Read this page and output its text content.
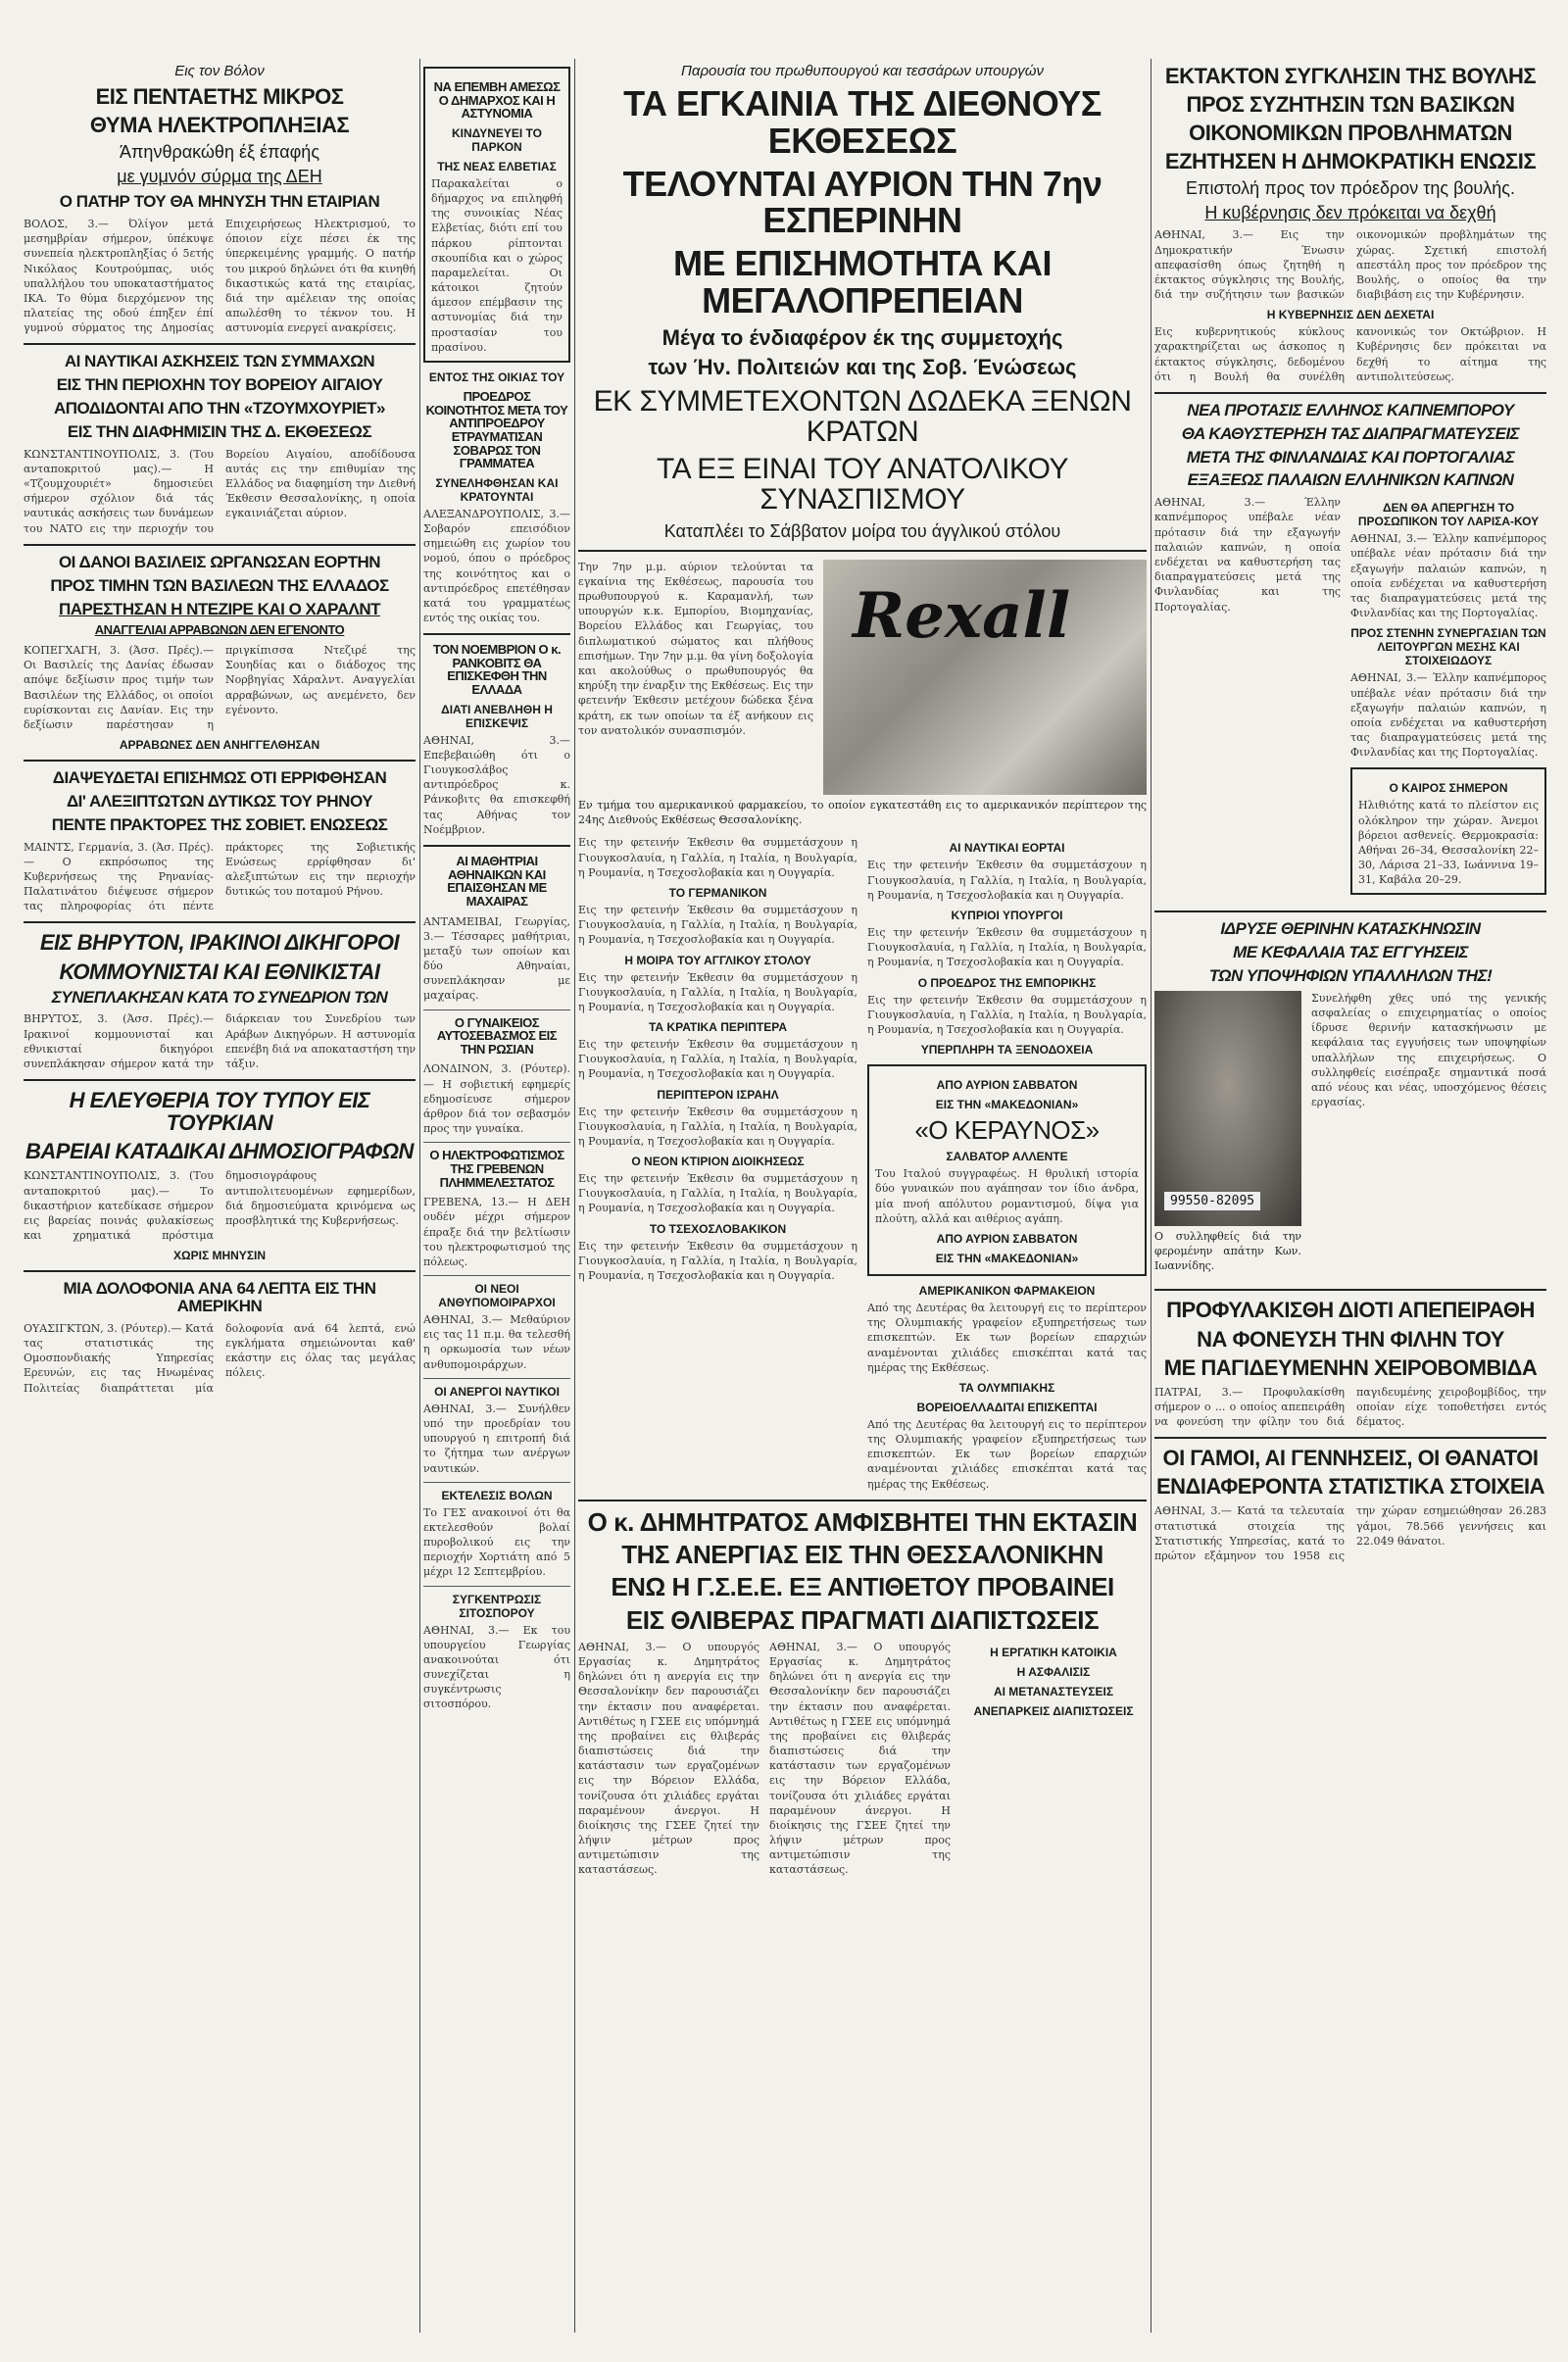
Εις τον Βόλον
ΕΙΣ ΠΕΝΤΑΕΤΗΣ ΜΙΚΡΟΣ
ΘΥΜΑ ΗΛΕΚΤΡΟΠΛΗΞΙΑΣ
Άπηνθρακώθη έξ έπαφής
με γυμνόν σύρμα της ΔΕΗ
Ο ΠΑΤΗΡ ΤΟΥ ΘΑ ΜΗΝΥΣΗ ΤΗΝ ΕΤΑΙΡΙΑΝ
ΒΟΛΟΣ, 3.— Όλίγον μετά μεσημβρίαν σήμερον, ύπέκυψε συνεπεία ηλεκτροπληξίας ό 5ετής Νικόλαος Κουτρούμπας, υιός υπαλλήλου του υποκαταστήματος ΙΚΑ. Το θύμα διερχόμενον της πλατείας της οδού έπηξεν έπί γυμνού σύρματος της Δημοσίας Επιχειρήσεως Ηλεκτρισμού, το όποιον είχε πέσει έκ της ύπερκειμένης γραμμής. Ο πατήρ του μικρού δηλώνει ότι θα κινηθή δικαστικώς κατά της εταιρίας, διά την αμέλειαν της οποίας απωλέσθη το τέκνον του. Η αστυνομία ενεργεί ανακρίσεις.
ΑΙ ΝΑΥΤΙΚΑΙ ΑΣΚΗΣΕΙΣ ΤΩΝ ΣΥΜΜΑΧΩΝ
ΕΙΣ ΤΗΝ ΠΕΡΙΟΧΗΝ ΤΟΥ ΒΟΡΕΙΟΥ ΑΙΓΑΙΟΥ
ΑΠΟΔΙΔΟΝΤΑΙ ΑΠΟ ΤΗΝ «ΤΖΟΥΜΧΟΥΡΙΕΤ»
ΕΙΣ ΤΗΝ ΔΙΑΦΗΜΙΣΙΝ ΤΗΣ Δ. ΕΚΘΕΣΕΩΣ
ΚΩΝΣΤΑΝΤΙΝΟΥΠΟΛΙΣ, 3. (Του ανταποκριτού μας).— Η «Τζουμχουριέτ» δημοσιεύει σήμερον σχόλιον διά τάς ναυτικάς ασκήσεις των δυνάμεων του ΝΑΤΟ εις την περιοχήν του Βορείου Αιγαίου, αποδίδουσα αυτάς εις την επιθυμίαν της Ελλάδος να διαφημίση την Διεθνή Έκθεσιν Θεσσαλονίκης, η οποία εγκαινιάζεται αύριον.
ΟΙ ΔΑΝΟΙ ΒΑΣΙΛΕΙΣ ΩΡΓΑΝΩΣΑΝ ΕΟΡΤΗΝ
ΠΡΟΣ ΤΙΜΗΝ ΤΩΝ ΒΑΣΙΛΕΩΝ ΤΗΣ ΕΛΛΑΔΟΣ
ΠΑΡΕΣΤΗΣΑΝ Η ΝΤΕΖΙΡΕ ΚΑΙ Ο ΧΑΡΑΛΝΤ
ΑΝΑΓΓΕΛΙΑΙ ΑΡΡΑΒΩΝΩΝ ΔΕΝ ΕΓΕΝΟΝΤΟ
ΚΟΠΕΓΧΑΓΗ, 3. (Άσσ. Πρές).— Οι Βασιλείς της Δανίας έδωσαν απόψε δεξίωσιν προς τιμήν των Βασιλέων της Ελλάδος, οι οποίοι ευρίσκονται εις Δανίαν. Εις την δεξίωσιν παρέστησαν η πριγκίπισσα Ντεζιρέ της Σουηδίας και ο διάδοχος της Νορβηγίας Χάραλντ. Αναγγελίαι αρραβώνων, ως ανεμένετο, δεν εγένοντο.
ΑΡΡΑΒΩΝΕΣ ΔΕΝ ΑΝΗΓΓΕΛΘΗΣΑΝ
ΔΙΑΨΕΥΔΕΤΑΙ ΕΠΙΣΗΜΩΣ ΟΤΙ ΕΡΡΙΦΘΗΣΑΝ
ΔΙ' ΑΛΕΞΙΠΤΩΤΩΝ ΔΥΤΙΚΩΣ ΤΟΥ ΡΗΝΟΥ
ΠΕΝΤΕ ΠΡΑΚΤΟΡΕΣ ΤΗΣ ΣΟΒΙΕΤ. ΕΝΩΣΕΩΣ
ΜΑΙΝΤΣ, Γερμανία, 3. (Άσ. Πρές).— Ο εκπρόσωπος της Κυβερνήσεως της Ρηνανίας-Παλατινάτου διέψευσε σήμερον τας πληροφορίας ότι πέντε πράκτορες της Σοβιετικής Ενώσεως ερρίφθησαν δι' αλεξιπτώτων εις την περιοχήν δυτικώς του ποταμού Ρήνου.
ΕΙΣ ΒΗΡΥΤΟΝ, ΙΡΑΚΙΝΟΙ ΔΙΚΗΓΟΡΟΙ
ΚΟΜΜΟΥΝΙΣΤΑΙ ΚΑΙ ΕΘΝΙΚΙΣΤΑΙ
ΣΥΝΕΠΛΑΚΗΣΑΝ ΚΑΤΑ ΤΟ ΣΥΝΕΔΡΙΟΝ ΤΩΝ
ΒΗΡΥΤΟΣ, 3. (Άσσ. Πρές).— Ιρακινοί κομμουνισταί και εθνικισταί δικηγόροι συνεπλάκησαν σήμερον κατά την διάρκειαν του Συνεδρίου των Αράβων Δικηγόρων. Η αστυνομία επενέβη διά να αποκαταστήση την τάξιν.
Η ΕΛΕΥΘΕΡΙΑ ΤΟΥ ΤΥΠΟΥ ΕΙΣ ΤΟΥΡΚΙΑΝ
ΒΑΡΕΙΑΙ ΚΑΤΑΔΙΚΑΙ ΔΗΜΟΣΙΟΓΡΑΦΩΝ
ΚΩΝΣΤΑΝΤΙΝΟΥΠΟΛΙΣ, 3. (Του ανταποκριτού μας).— Το δικαστήριον κατεδίκασε σήμερον εις βαρείας ποινάς φυλακίσεως και χρηματικά πρόστιμα δημοσιογράφους αντιπολιτευομένων εφημερίδων, διά δημοσιεύματα κρινόμενα ως προσβλητικά της Κυβερνήσεως.
ΧΩΡΙΣ ΜΗΝΥΣΙΝ
ΜΙΑ ΔΟΛΟΦΟΝΙΑ ΑΝΑ 64 ΛΕΠΤΑ ΕΙΣ ΤΗΝ ΑΜΕΡΙΚΗΝ
ΟΥΑΣΙΓΚΤΩΝ, 3. (Ρόυτερ).— Κατά τας στατιστικάς της Ομοσπονδιακής Υπηρεσίας Ερευνών, εις τας Ηνωμένας Πολιτείας διαπράττεται μία δολοφονία ανά 64 λεπτά, ενώ εγκλήματα σημειώνονται καθ' εκάστην εις όλας τας μεγάλας πόλεις.
ΝΑ ΕΠΕΜΒΗ ΑΜΕΣΩΣ Ο ΔΗΜΑΡΧΟΣ ΚΑΙ Η ΑΣΤΥΝΟΜΙΑ
ΚΙΝΔΥΝΕΥΕΙ ΤΟ ΠΑΡΚΟΝ
ΤΗΣ ΝΕΑΣ ΕΛΒΕΤΙΑΣ
Παρακαλείται ο δήμαρχος να επιληφθή της συνοικίας Νέας Ελβετίας, διότι επί του πάρκου ρίπτονται σκουπίδια και ο χώρος παραμελείται. Οι κάτοικοι ζητούν άμεσον επέμβασιν της αστυνομίας διά την προστασίαν του πρασίνου.
ΕΝΤΟΣ ΤΗΣ ΟΙΚΙΑΣ ΤΟΥ
ΠΡΟΕΔΡΟΣ ΚΟΙΝΟΤΗΤΟΣ ΜΕΤΑ ΤΟΥ ΑΝΤΙΠΡΟΕΔΡΟΥ ΕΤΡΑΥΜΑΤΙΣΑΝ ΣΟΒΑΡΩΣ ΤΟΝ ΓΡΑΜΜΑΤΕΑ
ΣΥΝΕΛΗΦΘΗΣΑΝ ΚΑΙ ΚΡΑΤΟΥΝΤΑΙ
ΑΛΕΞΑΝΔΡΟΥΠΟΛΙΣ, 3.— Σοβαρόν επεισόδιον σημειώθη εις χωρίον του νομού, όπου ο πρόεδρος της κοινότητος και ο αντιπρόεδρος επετέθησαν κατά του γραμματέως εντός της οικίας του.
ΤΟΝ ΝΟΕΜΒΡΙΟΝ Ο κ. ΡΑΝΚΟΒΙΤΣ ΘΑ ΕΠΙΣΚΕΦΘΗ ΤΗΝ ΕΛΛΑΔΑ
ΔΙΑΤΙ ΑΝΕΒΛΗΘΗ Η ΕΠΙΣΚΕΨΙΣ
ΑΘΗΝΑΙ, 3.— Επεβεβαιώθη ότι ο Γιουγκοσλάβος αντιπρόεδρος κ. Ράνκοβιτς θα επισκεφθή τας Αθήνας τον Νοέμβριον.
ΑΙ ΜΑΘΗΤΡΙΑΙ ΑΘΗΝΑΙΚΩΝ ΚΑΙ ΕΠΑΙΣΘΗΣΑΝ ΜΕ ΜΑΧΑΙΡΑΣ
ΑΝΤΑΜΕΙΒΑΙ, Γεωργίας, 3.— Τέσσαρες μαθήτριαι, μεταξύ των οποίων και δύο Αθηναίαι, συνεπλάκησαν με μαχαίρας.
Ο ΓΥΝΑΙΚΕΙΟΣ ΑΥΤΟΣΕΒΑΣΜΟΣ ΕΙΣ ΤΗΝ ΡΩΣΙΑΝ
ΛΟΝΔΙΝΟΝ, 3. (Ρόυτερ).— Η σοβιετική εφημερίς εδημοσίευσε σήμερον άρθρον διά τον σεβασμόν προς την γυναίκα.
Ο ΗΛΕΚΤΡΟΦΩΤΙΣΜΟΣ ΤΗΣ ΓΡΕΒΕΝΩΝ ΠΛΗΜΜΕΛΕΣΤΑΤΟΣ
ΓΡΕΒΕΝΑ, 13.— Η ΔΕΗ ουδέν μέχρι σήμερον έπραξε διά την βελτίωσιν του ηλεκτροφωτισμού της πόλεως.
ΟΙ ΝΕΟΙ ΑΝΘΥΠΟΜΟΙΡΑΡΧΟΙ
ΑΘΗΝΑΙ, 3.— Μεθαύριον εις τας 11 π.μ. θα τελεσθή η ορκωμοσία των νέων ανθυπομοιράρχων.
ΟΙ ΑΝΕΡΓΟΙ ΝΑΥΤΙΚΟΙ
ΑΘΗΝΑΙ, 3.— Συνήλθεν υπό την προεδρίαν του υπουργού η επιτροπή διά το ζήτημα των ανέργων ναυτικών.
ΕΚΤΕΛΕΣΙΣ ΒΟΛΩΝ
Το ΓΕΣ ανακοινοί ότι θα εκτελεσθούν βολαί πυροβολικού εις την περιοχήν Χορτιάτη από 5 μέχρι 12 Σεπτεμβρίου.
ΣΥΓΚΕΝΤΡΩΣΙΣ ΣΙΤΟΣΠΟΡΟΥ
ΑΘΗΝΑΙ, 3.— Εκ του υπουργείου Γεωργίας ανακοινούται ότι συνεχίζεται η συγκέντρωσις σιτοσπόρου.
Παρουσία του πρωθυπουργού και τεσσάρων υπουργών
ΤΑ ΕΓΚΑΙΝΙΑ ΤΗΣ ΔΙΕΘΝΟΥΣ ΕΚΘΕΣΕΩΣ
ΤΕΛΟΥΝΤΑΙ ΑΥΡΙΟΝ ΤΗΝ 7ην ΕΣΠΕΡΙΝΗΝ
ΜΕ ΕΠΙΣΗΜΟΤΗΤΑ ΚΑΙ ΜΕΓΑΛΟΠΡΕΠΕΙΑΝ
Μέγα το ένδιαφέρον έκ της συμμετοχής
των Ήν. Πολιτειών και της Σοβ. Ένώσεως
ΕΚ ΣΥΜΜΕΤΕΧΟΝΤΩΝ ΔΩΔΕΚΑ ΞΕΝΩΝ ΚΡΑΤΩΝ
ΤΑ ΕΞ ΕΙΝΑΙ ΤΟΥ ΑΝΑΤΟΛΙΚΟΥ ΣΥΝΑΣΠΙΣΜΟΥ
Καταπλέει το Σάββατον μοίρα του άγγλικού στόλου
Την 7ην μ.μ. αύριον τελούνται τα εγκαίνια της Εκθέσεως, παρουσία του πρωθυπουργού κ. Καραμανλή, των υπουργών κ.κ. Εμπορίου, Βιομηχανίας, Βορείου Ελλάδος και Γεωργίας, του διπλωματικού σώματος και πλήθους επισήμων. Την 7ην μ.μ. θα γίνη δοξολογία και ακολούθως ο πρωθυπουργός θα κηρύξη την έναρξιν της Εκθέσεως. Εις την φετεινήν Έκθεσιν μετέχουν δώδεκα ξένα κράτη, εκ των οποίων τα έξ ανήκουν εις τον ανατολικόν συνασπισμόν.
Rexall
Εν τμήμα του αμερικανικού φαρμακείου, το οποίον εγκατεστάθη εις το αμερικανικόν περίπτερον της 24ης Διεθνούς Εκθέσεως Θεσσαλονίκης.
Εις την φετεινήν Έκθεσιν θα συμμετάσχουν η Γιουγκοσλαυία, η Γαλλία, η Ιταλία, η Βουλγαρία, η Ρουμανία, η Τσεχοσλοβακία και η Ουγγαρία.
ΤΟ ΓΕΡΜΑΝΙΚΟΝ
Εις την φετεινήν Έκθεσιν θα συμμετάσχουν η Γιουγκοσλαυία, η Γαλλία, η Ιταλία, η Βουλγαρία, η Ρουμανία, η Τσεχοσλοβακία και η Ουγγαρία.
Η ΜΟΙΡΑ ΤΟΥ ΑΓΓΛΙΚΟΥ ΣΤΟΛΟΥ
Εις την φετεινήν Έκθεσιν θα συμμετάσχουν η Γιουγκοσλαυία, η Γαλλία, η Ιταλία, η Βουλγαρία, η Ρουμανία, η Τσεχοσλοβακία και η Ουγγαρία.
ΤΑ ΚΡΑΤΙΚΑ ΠΕΡΙΠΤΕΡΑ
Εις την φετεινήν Έκθεσιν θα συμμετάσχουν η Γιουγκοσλαυία, η Γαλλία, η Ιταλία, η Βουλγαρία, η Ρουμανία, η Τσεχοσλοβακία και η Ουγγαρία.
ΠΕΡΙΠΤΕΡΟΝ ΙΣΡΑΗΛ
Εις την φετεινήν Έκθεσιν θα συμμετάσχουν η Γιουγκοσλαυία, η Γαλλία, η Ιταλία, η Βουλγαρία, η Ρουμανία, η Τσεχοσλοβακία και η Ουγγαρία.
Ο ΝΕΟΝ ΚΤΙΡΙΟΝ ΔΙΟΙΚΗΣΕΩΣ
Εις την φετεινήν Έκθεσιν θα συμμετάσχουν η Γιουγκοσλαυία, η Γαλλία, η Ιταλία, η Βουλγαρία, η Ρουμανία, η Τσεχοσλοβακία και η Ουγγαρία.
ΤΟ ΤΣΕΧΟΣΛΟΒΑΚΙΚΟΝ
Εις την φετεινήν Έκθεσιν θα συμμετάσχουν η Γιουγκοσλαυία, η Γαλλία, η Ιταλία, η Βουλγαρία, η Ρουμανία, η Τσεχοσλοβακία και η Ουγγαρία.
ΑΙ ΝΑΥΤΙΚΑΙ ΕΟΡΤΑΙ
Εις την φετεινήν Έκθεσιν θα συμμετάσχουν η Γιουγκοσλαυία, η Γαλλία, η Ιταλία, η Βουλγαρία, η Ρουμανία, η Τσεχοσλοβακία και η Ουγγαρία.
ΚΥΠΡΙΟΙ ΥΠΟΥΡΓΟΙ
Εις την φετεινήν Έκθεσιν θα συμμετάσχουν η Γιουγκοσλαυία, η Γαλλία, η Ιταλία, η Βουλγαρία, η Ρουμανία, η Τσεχοσλοβακία και η Ουγγαρία.
Ο ΠΡΟΕΔΡΟΣ ΤΗΣ ΕΜΠΟΡΙΚΗΣ
Εις την φετεινήν Έκθεσιν θα συμμετάσχουν η Γιουγκοσλαυία, η Γαλλία, η Ιταλία, η Βουλγαρία, η Ρουμανία, η Τσεχοσλοβακία και η Ουγγαρία.
ΥΠΕΡΠΛΗΡΗ ΤΑ ΞΕΝΟΔΟΧΕΙΑ
ΑΠΟ ΑΥΡΙΟΝ ΣΑΒΒΑΤΟΝ
ΕΙΣ ΤΗΝ «ΜΑΚΕΔΟΝΙΑΝ»
«Ο ΚΕΡΑΥΝΟΣ»
ΣΑΛΒΑΤΟΡ ΑΛΛΕΝΤΕ
Του Ιταλού συγγραφέως. Η θρυλική ιστορία δύο γυναικών που αγάπησαν τον ίδιο άνδρα, μία πνοή απόλυτου ρομαντισμού, δίψα για πλούτη, αλλά και αιθέριος αγάπη.
ΑΠΟ ΑΥΡΙΟΝ ΣΑΒΒΑΤΟΝ
ΕΙΣ ΤΗΝ «ΜΑΚΕΔΟΝΙΑΝ»
ΑΜΕΡΙΚΑΝΙΚΟΝ ΦΑΡΜΑΚΕΙΟΝ
Από της Δευτέρας θα λειτουργή εις το περίπτερον της Ολυμπιακής γραφείον εξυπηρετήσεως των επισκεπτών. Εκ των βορείων επαρχιών αναμένονται χιλιάδες επισκέπται κατά τας ημέρας της Εκθέσεως.
ΤΑ ΟΛΥΜΠΙΑΚΗΣ
ΒΟΡΕΙΟΕΛΛΑΔΙΤΑΙ ΕΠΙΣΚΕΠΤΑΙ
Από της Δευτέρας θα λειτουργή εις το περίπτερον της Ολυμπιακής γραφείον εξυπηρετήσεως των επισκεπτών. Εκ των βορείων επαρχιών αναμένονται χιλιάδες επισκέπται κατά τας ημέρας της Εκθέσεως.
Ο κ. ΔΗΜΗΤΡΑΤΟΣ ΑΜΦΙΣΒΗΤΕΙ ΤΗΝ ΕΚΤΑΣΙΝ
ΤΗΣ ΑΝΕΡΓΙΑΣ ΕΙΣ ΤΗΝ ΘΕΣΣΑΛΟΝΙΚΗΝ
ΕΝΩ Η Γ.Σ.Ε.Ε. ΕΞ ΑΝΤΙΘΕΤΟΥ ΠΡΟΒΑΙΝΕΙ
ΕΙΣ ΘΛΙΒΕΡΑΣ ΠΡΑΓΜΑΤΙ ΔΙΑΠΙΣΤΩΣΕΙΣ
ΑΘΗΝΑΙ, 3.— Ο υπουργός Εργασίας κ. Δημητράτος δηλώνει ότι η ανεργία εις την Θεσσαλονίκην δεν παρουσιάζει την έκτασιν που αναφέρεται. Αντιθέτως η ΓΣΕΕ εις υπόμνημά της προβαίνει εις θλιβεράς διαπιστώσεις διά την κατάστασιν των εργαζομένων εις την Βόρειον Ελλάδα, τονίζουσα ότι χιλιάδες εργάται παραμένουν άνεργοι. Η διοίκησις της ΓΣΕΕ ζητεί την λήψιν μέτρων προς αντιμετώπισιν της καταστάσεως.
ΑΘΗΝΑΙ, 3.— Ο υπουργός Εργασίας κ. Δημητράτος δηλώνει ότι η ανεργία εις την Θεσσαλονίκην δεν παρουσιάζει την έκτασιν που αναφέρεται. Αντιθέτως η ΓΣΕΕ εις υπόμνημά της προβαίνει εις θλιβεράς διαπιστώσεις διά την κατάστασιν των εργαζομένων εις την Βόρειον Ελλάδα, τονίζουσα ότι χιλιάδες εργάται παραμένουν άνεργοι. Η διοίκησις της ΓΣΕΕ ζητεί την λήψιν μέτρων προς αντιμετώπισιν της καταστάσεως.
Η ΕΡΓΑΤΙΚΗ ΚΑΤΟΙΚΙΑ
Η ΑΣΦΑΛΙΣΙΣ
ΑΙ ΜΕΤΑΝΑΣΤΕΥΣΕΙΣ
ΑΝΕΠΑΡΚΕΙΣ ΔΙΑΠΙΣΤΩΣΕΙΣ
ΕΚΤΑΚΤΟΝ ΣΥΓΚΛΗΣΙΝ ΤΗΣ ΒΟΥΛΗΣ
ΠΡΟΣ ΣΥΖΗΤΗΣΙΝ ΤΩΝ ΒΑΣΙΚΩΝ
ΟΙΚΟΝΟΜΙΚΩΝ ΠΡΟΒΛΗΜΑΤΩΝ
ΕΖΗΤΗΣΕΝ Η ΔΗΜΟΚΡΑΤΙΚΗ ΕΝΩΣΙΣ
Επιστολή προς τον πρόεδρον της βουλής.
Η κυβέρνησις δεν πρόκειται να δεχθή
ΑΘΗΝΑΙ, 3.— Εις την Δημοκρατικήν Ένωσιν απεφασίσθη όπως ζητηθή η έκτακτος σύγκλησις της Βουλής, διά την συζήτησιν των βασικών οικονομικών προβλημάτων της χώρας. Σχετική επιστολή απεστάλη προς τον πρόεδρον της Βουλής, ο οποίος θα την διαβιβάση εις την Κυβέρνησιν.
Η ΚΥΒΕΡΝΗΣΙΣ ΔΕΝ ΔΕΧΕΤΑΙ
Εις κυβερνητικούς κύκλους χαρακτηρίζεται ως άσκοπος η έκτακτος σύγκλησις, δεδομένου ότι η Βουλή θα συνέλθη κανονικώς τον Οκτώβριον. Η Κυβέρνησις δεν πρόκειται να δεχθή το αίτημα της αντιπολιτεύσεως.
ΝΕΑ ΠΡΟΤΑΣΙΣ ΕΛΛΗΝΟΣ ΚΑΠΝΕΜΠΟΡΟΥ
ΘΑ ΚΑΘΥΣΤΕΡΗΣΗ ΤΑΣ ΔΙΑΠΡΑΓΜΑΤΕΥΣΕΙΣ
ΜΕΤΑ ΤΗΣ ΦΙΝΛΑΝΔΙΑΣ ΚΑΙ ΠΟΡΤΟΓΑΛΙΑΣ
ΕΞΑΞΕΩΣ ΠΑΛΑΙΩΝ ΕΛΛΗΝΙΚΩΝ ΚΑΠΝΩΝ
ΑΘΗΝΑΙ, 3.— Έλλην καπνέμπορος υπέβαλε νέαν πρότασιν διά την εξαγωγήν παλαιών καπνών, η οποία ενδέχεται να καθυστερήση τας διαπραγματεύσεις μετά της Φινλανδίας και της Πορτογαλίας.
ΔΕΝ ΘΑ ΑΠΕΡΓΗΣΗ ΤΟ ΠΡΟΣΩΠΙΚΟΝ ΤΟΥ ΛΑΡΙΣΑ-ΚΟΥ
ΑΘΗΝΑΙ, 3.— Έλλην καπνέμπορος υπέβαλε νέαν πρότασιν διά την εξαγωγήν παλαιών καπνών, η οποία ενδέχεται να καθυστερήση τας διαπραγματεύσεις μετά της Φινλανδίας και της Πορτογαλίας.
ΠΡΟΣ ΣΤΕΝΗΝ ΣΥΝΕΡΓΑΣΙΑΝ ΤΩΝ ΛΕΙΤΟΥΡΓΩΝ ΜΕΣΗΣ ΚΑΙ ΣΤΟΙΧΕΙΩΔΟΥΣ
ΑΘΗΝΑΙ, 3.— Έλλην καπνέμπορος υπέβαλε νέαν πρότασιν διά την εξαγωγήν παλαιών καπνών, η οποία ενδέχεται να καθυστερήση τας διαπραγματεύσεις μετά της Φινλανδίας και της Πορτογαλίας.
Ο ΚΑΙΡΟΣ ΣΗΜΕΡΟΝ
Ηλιθιότης κατά το πλείστον εις ολόκληρον την χώραν. Άνεμοι βόρειοι ασθενείς. Θερμοκρασία: Αθήναι 26–34, Θεσσαλονίκη 22–30, Λάρισα 21–33, Ιωάννινα 19–31, Καβάλα 20–29.
ΙΔΡΥΣΕ ΘΕΡΙΝΗΝ ΚΑΤΑΣΚΗΝΩΣΙΝ
ΜΕ ΚΕΦΑΛΑΙΑ ΤΑΣ ΕΓΓΥΗΣΕΙΣ
ΤΩΝ ΥΠΟΨΗΦΙΩΝ ΥΠΑΛΛΗΛΩΝ ΤΗΣ!
99550-82095
Ο συλληφθείς διά την φερομένην απάτην Κων. Ιωαννίδης.
Συνελήφθη χθες υπό της γενικής ασφαλείας ο επιχειρηματίας ο οποίος ίδρυσε θερινήν κατασκήνωσιν με κεφάλαια τας εγγυήσεις των υποψηφίων υπαλλήλων της επιχειρήσεως. Ο συλληφθείς εισέπραξε σημαντικά ποσά από νέους και νέας, υποσχόμενος θέσεις εργασίας.
ΠΡΟΦΥΛΑΚΙΣΘΗ ΔΙΟΤΙ ΑΠΕΠΕΙΡΑΘΗ
ΝΑ ΦΟΝΕΥΣΗ ΤΗΝ ΦΙΛΗΝ ΤΟΥ
ΜΕ ΠΑΓΙΔΕΥΜΕΝΗΝ ΧΕΙΡΟΒΟΜΒΙΔΑ
ΠΑΤΡΑΙ, 3.— Προφυλακίσθη σήμερον ο ... ο οποίος απεπειράθη να φονεύση την φίλην του διά παγιδευμένης χειροβομβίδος, την οποίαν είχε τοποθετήσει εντός δέματος.
ΟΙ ΓΑΜΟΙ, ΑΙ ΓΕΝΝΗΣΕΙΣ, ΟΙ ΘΑΝΑΤΟΙ
ΕΝΔΙΑΦΕΡΟΝΤΑ ΣΤΑΤΙΣΤΙΚΑ ΣΤΟΙΧΕΙΑ
ΑΘΗΝΑΙ, 3.— Κατά τα τελευταία στατιστικά στοιχεία της Στατιστικής Υπηρεσίας, κατά το πρώτον εξάμηνον του 1958 εις την χώραν εσημειώθησαν 26.283 γάμοι, 78.566 γεννήσεις και 22.049 θάνατοι.
